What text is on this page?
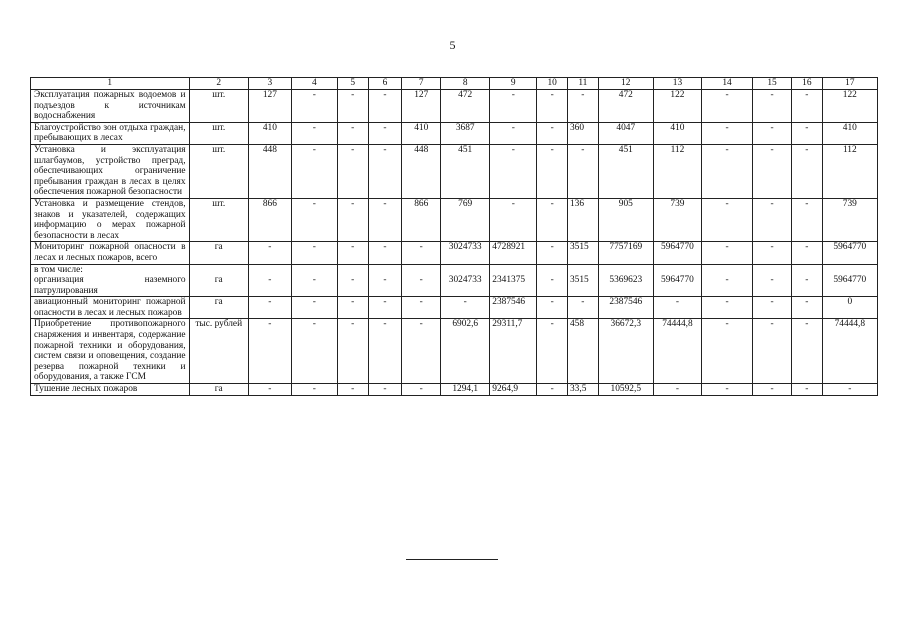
5
1	2	3	4	5	6	7	8	9	10	11	12	13	14	15	16	17
Эксплуатация пожарных водоемов и подъездов к источникам водоснабжения	шт.	127	-	-	-	127	472	-	-	-	472	122	-	-	-	122
Благоустройство зон отдыха граждан, пребывающих в лесах	шт.	410	-	-	-	410	3687	-	-	360	4047	410	-	-	-	410
Установка и эксплуатация шлагбаумов, устройство преград, обеспечивающих ограничение пребывания граждан в лесах в целях обеспечения пожарной безопасности	шт.	448	-	-	-	448	451	-	-	-	451	112	-	-	-	112
Установка и размещение стендов, знаков и указателей, содержащих информацию о мерах пожарной безопасности в лесах	шт.	866	-	-	-	866	769	-	-	136	905	739	-	-	-	739
Мониторинг пожарной опасности в лесах и лесных пожаров, всего	га	-	-	-	-	-	3024733	4728921	-	3515	7757169	5964770	-	-	-	5964770
в том числе:																
организация наземного патрулирования	га	-	-	-	-	-	3024733	2341375	-	3515	5369623	5964770	-	-	-	5964770
авиационный мониторинг пожарной опасности в лесах и лесных пожаров	га	-	-	-	-	-	-	2387546	-	-	2387546	-	-	-	-	0
Приобретение противопожарного снаряжения и инвентаря, содержание пожарной техники и оборудования, систем связи и оповещения, создание резерва пожарной техники и оборудования, а также ГСМ	тыс. рублей	-	-	-	-	-	6902,6	29311,7	-	458	36672,3	74444,8	-	-	-	74444,8
Тушение лесных пожаров	га	-	-	-	-	-	1294,1	9264,9	-	33,5	10592,5	-	-	-	-	-
